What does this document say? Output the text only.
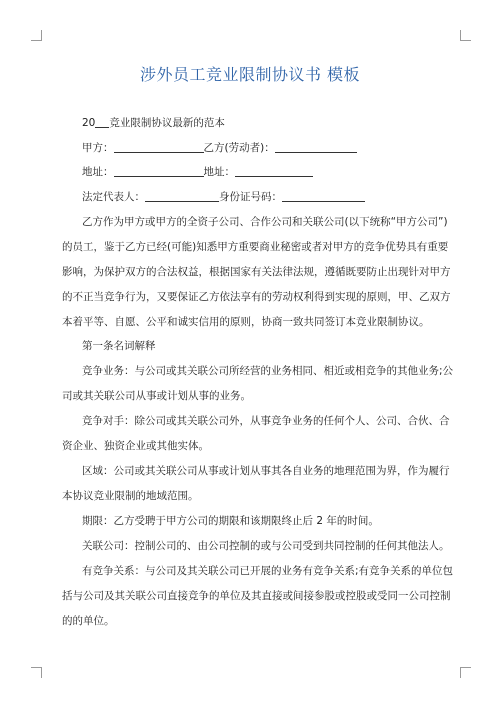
涉外员工竞业限制协议书 模板
20 竞业限制协议最新的范本
甲方：	乙方(劳动者)：
地址：	地址：
法定代表人：	身份证号码：
乙方作为甲方或甲方的全资子公司、合作公司和关联公司(以下统称“甲方公司”)
的员工，鉴于乙方已经(可能)知悉甲方重要商业秘密或者对甲方的竞争优势具有重要
影响，为保护双方的合法权益，根据国家有关法律法规，遵循既要防止出现针对甲方
的不正当竞争行为，又要保证乙方依法享有的劳动权利得到实现的原则，甲、乙双方
本着平等、自愿、公平和诚实信用的原则，协商一致共同签订本竞业限制协议。
第一条名词解释
竞争业务：与公司或其关联公司所经营的业务相同、相近或相竞争的其他业务;公
司或其关联公司从事或计划从事的业务。
竞争对手：除公司或其关联公司外，从事竞争业务的任何个人、公司、合伙、合
资企业、独资企业或其他实体。
区域：公司或其关联公司从事或计划从事其各自业务的地理范围为界，作为履行
本协议竞业限制的地域范围。
期限：乙方受聘于甲方公司的期限和该期限终止后 2 年的时间。
关联公司：控制公司的、由公司控制的或与公司受到共同控制的任何其他法人。
有竞争关系：与公司及其关联公司已开展的业务有竞争关系;有竞争关系的单位包
括与公司及其关联公司直接竞争的单位及其直接或间接参股或控股或受同一公司控制
的的单位。
